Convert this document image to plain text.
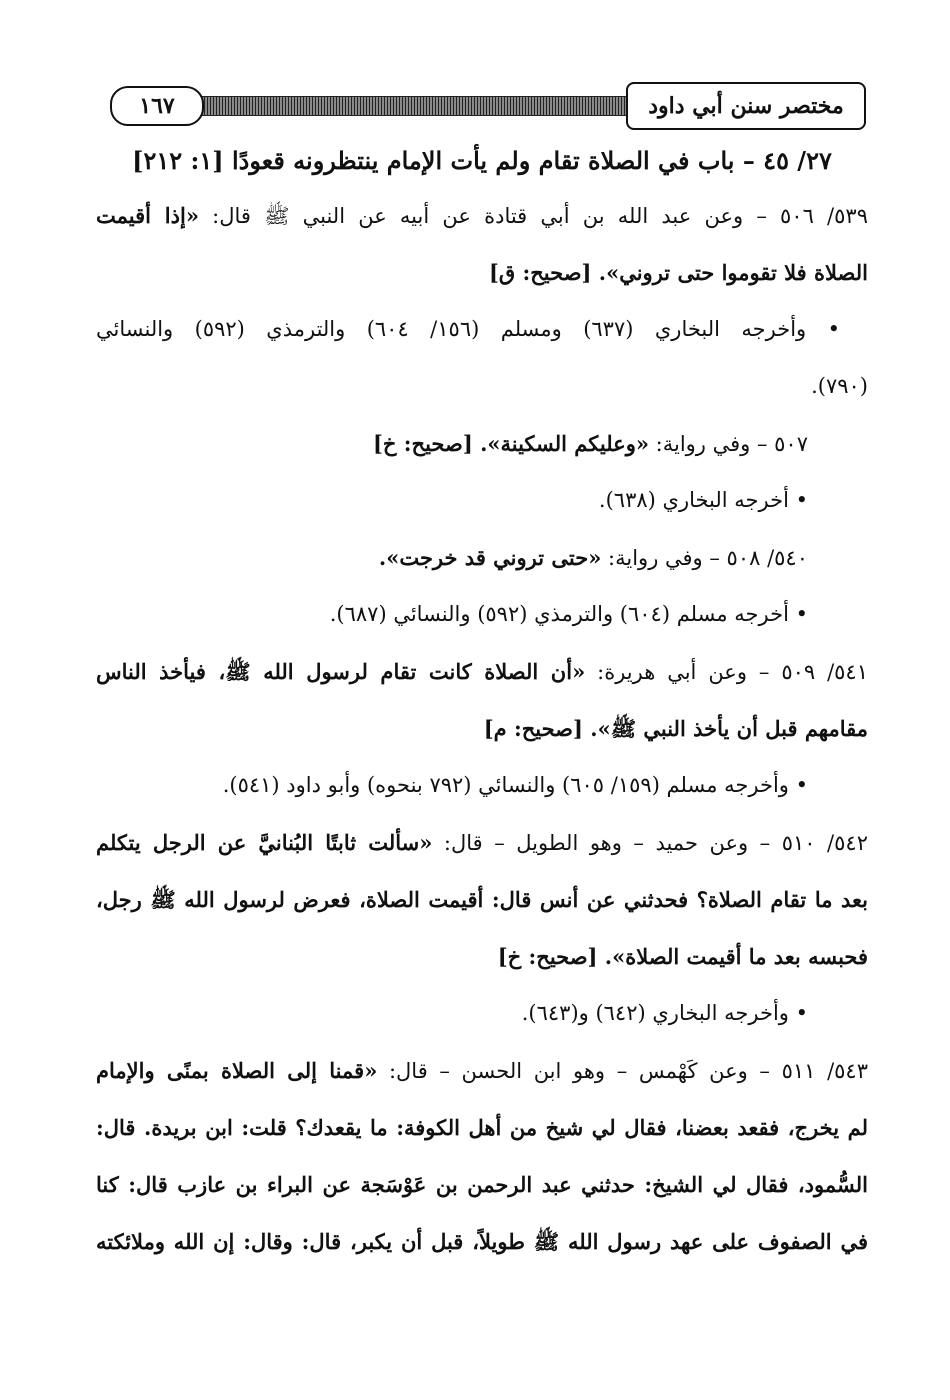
١٦٧	مختصر سنن أبي داود
٢٧/ ٤٥ – باب في الصلاة تقام ولم يأت الإمام ينتظرونه قعودًا [١: ٢١٢]
٥٣٩/ ٥٠٦ – وعن عبد الله بن أبي قتادة عن أبيه عن النبي ﷺ قال: «إذا أقيمت
الصلاة فلا تقوموا حتى تروني». [صحيح: ق]
• وأخرجه البخاري (٦٣٧) ومسلم (١٥٦/ ٦٠٤) والترمذي (٥٩٢) والنسائي
(٧٩٠).
٥٠٧ – وفي رواية: «وعليكم السكينة». [صحيح: خ]
• أخرجه البخاري (٦٣٨).
٥٤٠/ ٥٠٨ – وفي رواية: «حتى تروني قد خرجت».
• أخرجه مسلم (٦٠٤) والترمذي (٥٩٢) والنسائي (٦٨٧).
٥٤١/ ٥٠٩ – وعن أبي هريرة: «أن الصلاة كانت تقام لرسول الله ﷺ، فيأخذ الناس
مقامهم قبل أن يأخذ النبي ﷺ». [صحيح: م]
• وأخرجه مسلم (١٥٩/ ٦٠٥) والنسائي (٧٩٢ بنحوه) وأبو داود (٥٤١).
٥٤٢/ ٥١٠ – وعن حميد – وهو الطويل – قال: «سألت ثابتًا البُنانيَّ عن الرجل يتكلم
بعد ما تقام الصلاة؟ فحدثني عن أنس قال: أقيمت الصلاة، فعرض لرسول الله ﷺ رجل،
فحبسه بعد ما أقيمت الصلاة». [صحيح: خ]
• وأخرجه البخاري (٦٤٢) و(٦٤٣).
٥٤٣/ ٥١١ – وعن كَهْمس – وهو ابن الحسن – قال: «قمنا إلى الصلاة بمنًى والإمام
لم يخرج، فقعد بعضنا، فقال لي شيخ من أهل الكوفة: ما يقعدك؟ قلت: ابن بريدة. قال:
السُّمود، فقال لي الشيخ: حدثني عبد الرحمن بن عَوْسَجة عن البراء بن عازب قال: كنا
في الصفوف على عهد رسول الله ﷺ طويلاً، قبل أن يكبر، قال: وقال: إن الله وملائكته
